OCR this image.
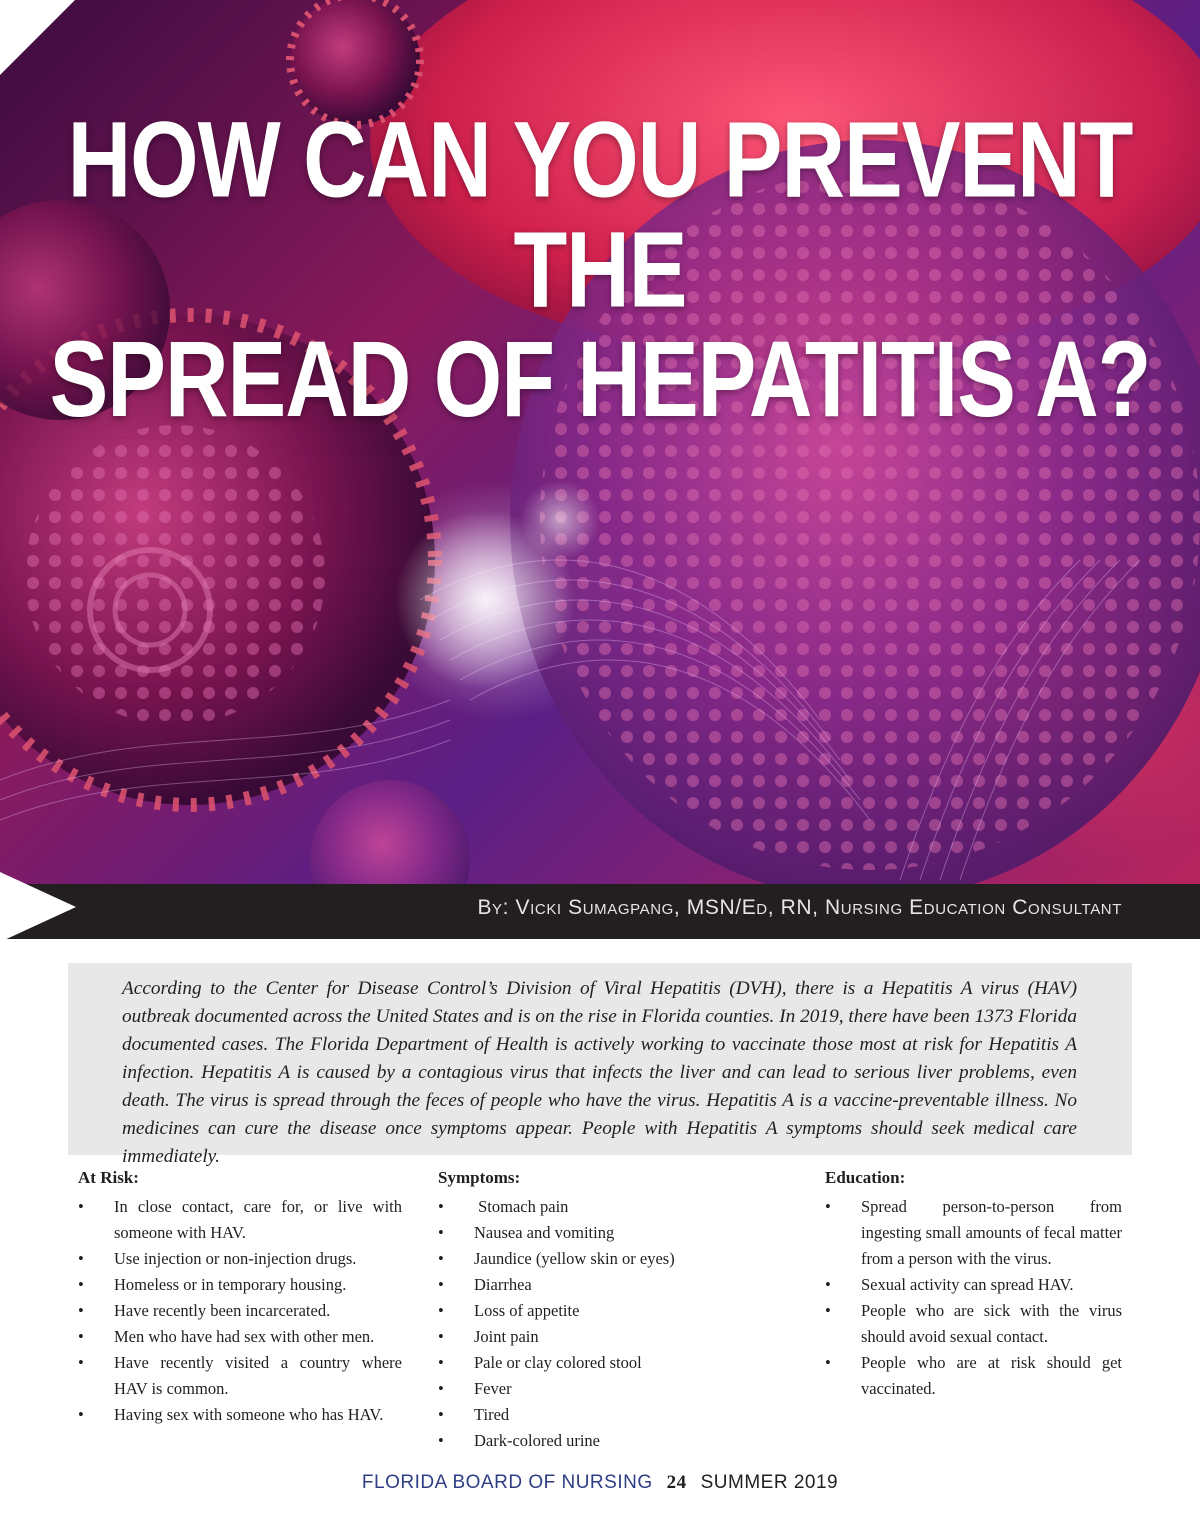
HOW CAN YOU PREVENT THE
SPREAD OF HEPATITIS A?
By: Vicki Sumagpang, MSN/Ed, RN, Nursing Education Consultant

According to the Center for Disease Control’s Division of Viral Hepatitis (DVH), there is a Hepatitis A virus (HAV) outbreak documented across the United States and is on the rise in Florida counties. In 2019, there have been 1373 Florida documented cases. The Florida Department of Health is actively working to vaccinate those most at risk for Hepatitis A infection. Hepatitis A is caused by a contagious virus that infects the liver and can lead to serious liver problems, even death. The virus is spread through the feces of people who have the virus. Hepatitis A is a vaccine-preventable illness. No medicines can cure the disease once symptoms appear. People with Hepatitis A symptoms should seek medical care immediately.

At Risk:
• In close contact, care for, or live with someone with HAV.
• Use injection or non-injection drugs.
• Homeless or in temporary housing.
• Have recently been incarcerated.
• Men who have had sex with other men.
• Have recently visited a country where HAV is common.
• Having sex with someone who has HAV.
Symptoms:
•  Stomach pain
• Nausea and vomiting
• Jaundice (yellow skin or eyes)
• Diarrhea
• Loss of appetite
• Joint pain
• Pale or clay colored stool
• Fever
• Tired
• Dark-colored urine
Education:
• Spread person-to-person from ingesting small amounts of fecal matter from a person with the virus.
• Sexual activity can spread HAV.
• People who are sick with the virus should avoid sexual contact.
• People who are at risk should get vaccinated.
FLORIDA BOARD OF NURSING 24 SUMMER 2019
